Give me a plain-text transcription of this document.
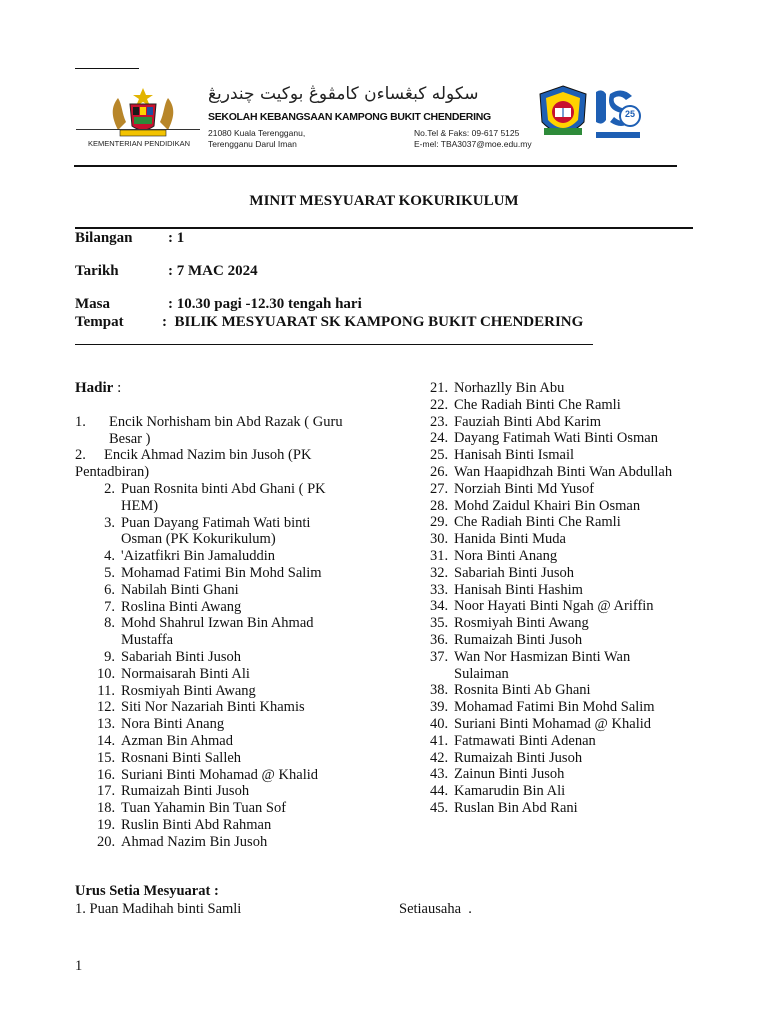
KEMENTERIAN PENDIDIKAN
سكوله كبڠساءن كامڤوڠ بوكيت چندريڠ
SEKOLAH KEBANGSAAN KAMPONG BUKIT CHENDERING
21080 Kuala Terengganu,
Terengganu Darul Iman
No.Tel & Faks: 09-617 5125
E-mel: TBA3037@moe.edu.my
25
MINIT MESYUARAT KOKURIKULUM
Bilangan : 1
Tarikh	: 7 MAC 2024
Masa	: 10.30 pagi -12.30 tengah hari
Tempat	:  BILIK MESYUARAT SK KAMPONG BUKIT CHENDERING
Hadir :
1. Encik Norhisham bin Abd Razak ( Guru
Besar )
2.     Encik Ahmad Nazim bin Jusoh (PK
Pentadbiran)
2. Puan Rosnita binti Abd Ghani ( PK
HEM)
3. Puan Dayang Fatimah Wati binti
Osman (PK Kokurikulum)
4. 'Aizatfikri Bin Jamaluddin
5. Mohamad Fatimi Bin Mohd Salim
6. Nabilah Binti Ghani
7. Roslina Binti Awang
8. Mohd Shahrul Izwan Bin Ahmad
Mustaffa
9. Sabariah Binti Jusoh
10. Normaisarah Binti Ali
11. Rosmiyah Binti Awang
12. Siti Nor Nazariah Binti Khamis
13. Nora Binti Anang
14. Azman Bin Ahmad
15. Rosnani Binti Salleh
16. Suriani Binti Mohamad @ Khalid
17. Rumaizah Binti Jusoh
18. Tuan Yahamin Bin Tuan Sof
19. Ruslin Binti Abd Rahman
20. Ahmad Nazim Bin Jusoh
21. Norhazlly Bin Abu
22. Che Radiah Binti Che Ramli
23. Fauziah Binti Abd Karim
24. Dayang Fatimah Wati Binti Osman
25. Hanisah Binti Ismail
26. Wan Haapidhzah Binti Wan Abdullah
27. Norziah Binti Md Yusof
28. Mohd Zaidul Khairi Bin Osman
29. Che Radiah Binti Che Ramli
30. Hanida Binti Muda
31. Nora Binti Anang
32. Sabariah Binti Jusoh
33. Hanisah Binti Hashim
34. Noor Hayati Binti Ngah @ Ariffin
35. Rosmiyah Binti Awang
36. Rumaizah Binti Jusoh
37. Wan Nor Hasmizan Binti Wan
Sulaiman
38. Rosnita Binti Ab Ghani
39. Mohamad Fatimi Bin Mohd Salim
40. Suriani Binti Mohamad @ Khalid
41. Fatmawati Binti Adenan
42. Rumaizah Binti Jusoh
43. Zainun Binti Jusoh
44. Kamarudin Bin Ali
45. Ruslan Bin Abd Rani
Urus Setia Mesyuarat :
1. Puan Madihah binti Samli	Setiausaha  .
1
